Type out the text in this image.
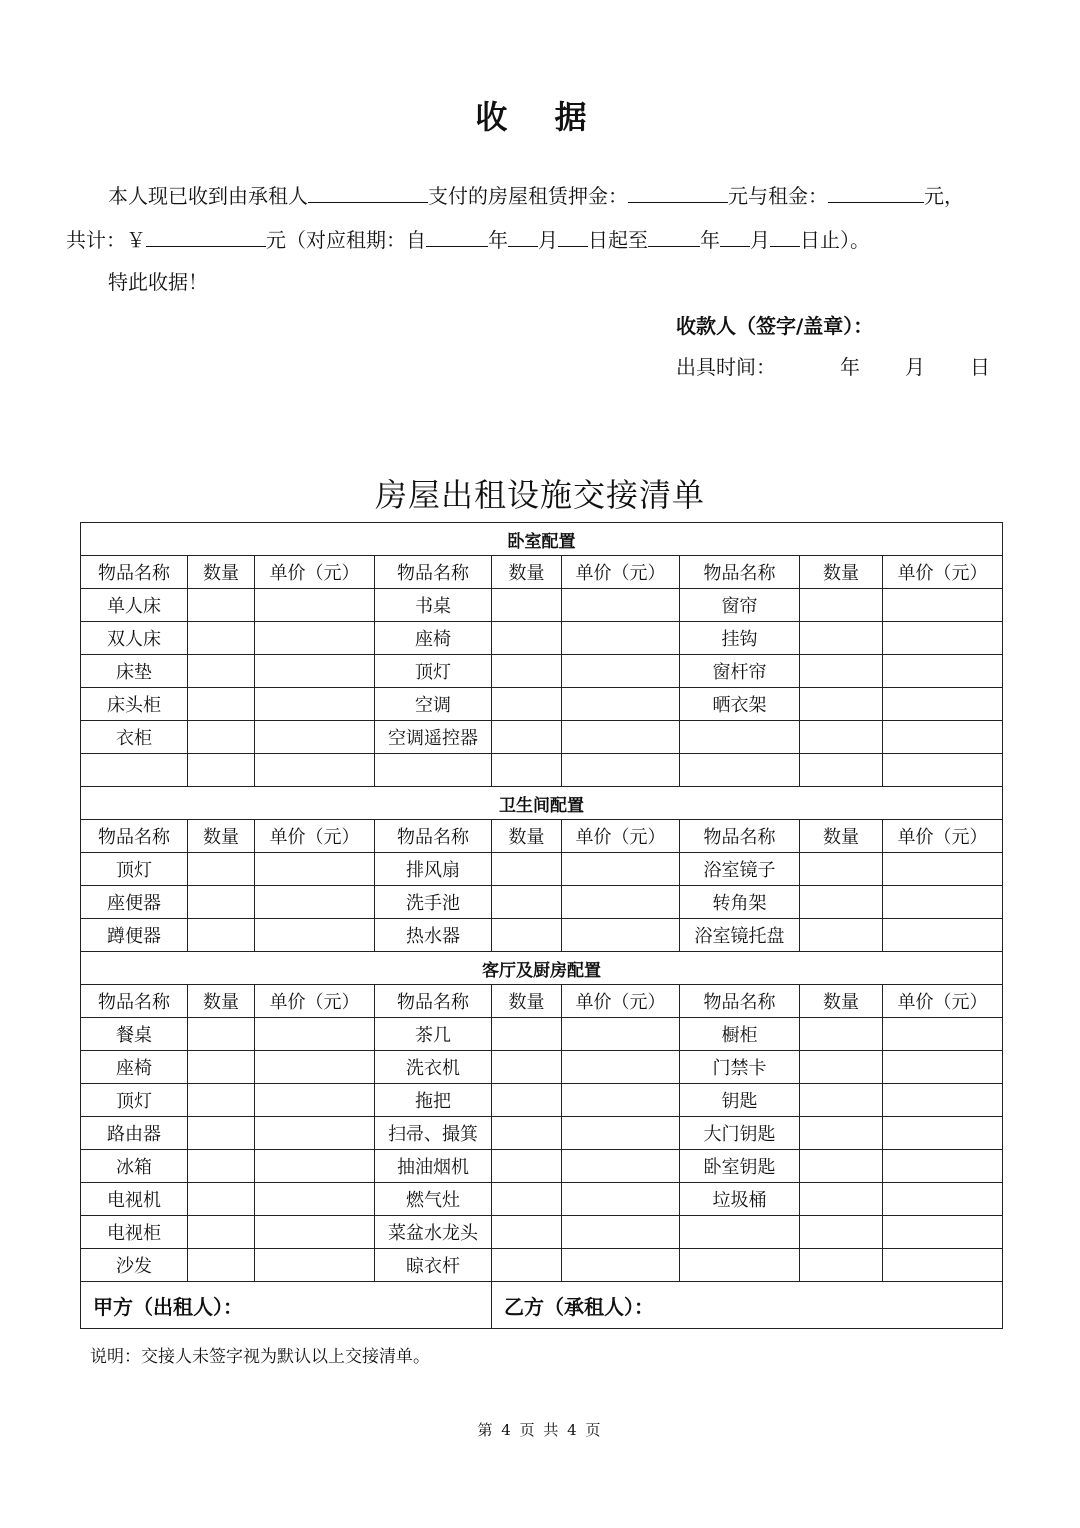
收 据
本人现已收到由承租人	支付的房屋租赁押金：	元与租金：	元，
共计：￥	元（对应租期：自	年 月 日起至	年 月 日止）。
特此收据！
收款人（签字/盖章）：
出具时间：	年 月 日
房屋出租设施交接清单
卧室配置								
物品名称	数量	单价（元）	物品名称	数量	单价（元）	物品名称	数量	单价（元）
单人床			书桌			窗帘		
双人床			座椅			挂钩		
床垫			顶灯			窗杆帘		
床头柜			空调			晒衣架		
衣柜			空调遥控器					

卫生间配置								
物品名称	数量	单价（元）	物品名称	数量	单价（元）	物品名称	数量	单价（元）
顶灯			排风扇			浴室镜子		
座便器			洗手池			转角架		
蹲便器			热水器			浴室镜托盘		
客厅及厨房配置								
物品名称	数量	单价（元）	物品名称	数量	单价（元）	物品名称	数量	单价（元）
餐桌			茶几			橱柜		
座椅			洗衣机			门禁卡		
顶灯			拖把			钥匙		
路由器			扫帚、撮箕			大门钥匙		
冰箱			抽油烟机			卧室钥匙		
电视机			燃气灶			垃圾桶		
电视柜			菜盆水龙头					
沙发			晾衣杆					
甲方（出租人）：				乙方（承租人）：				
说明：交接人未签字视为默认以上交接清单。
第 4 页 共 4 页
